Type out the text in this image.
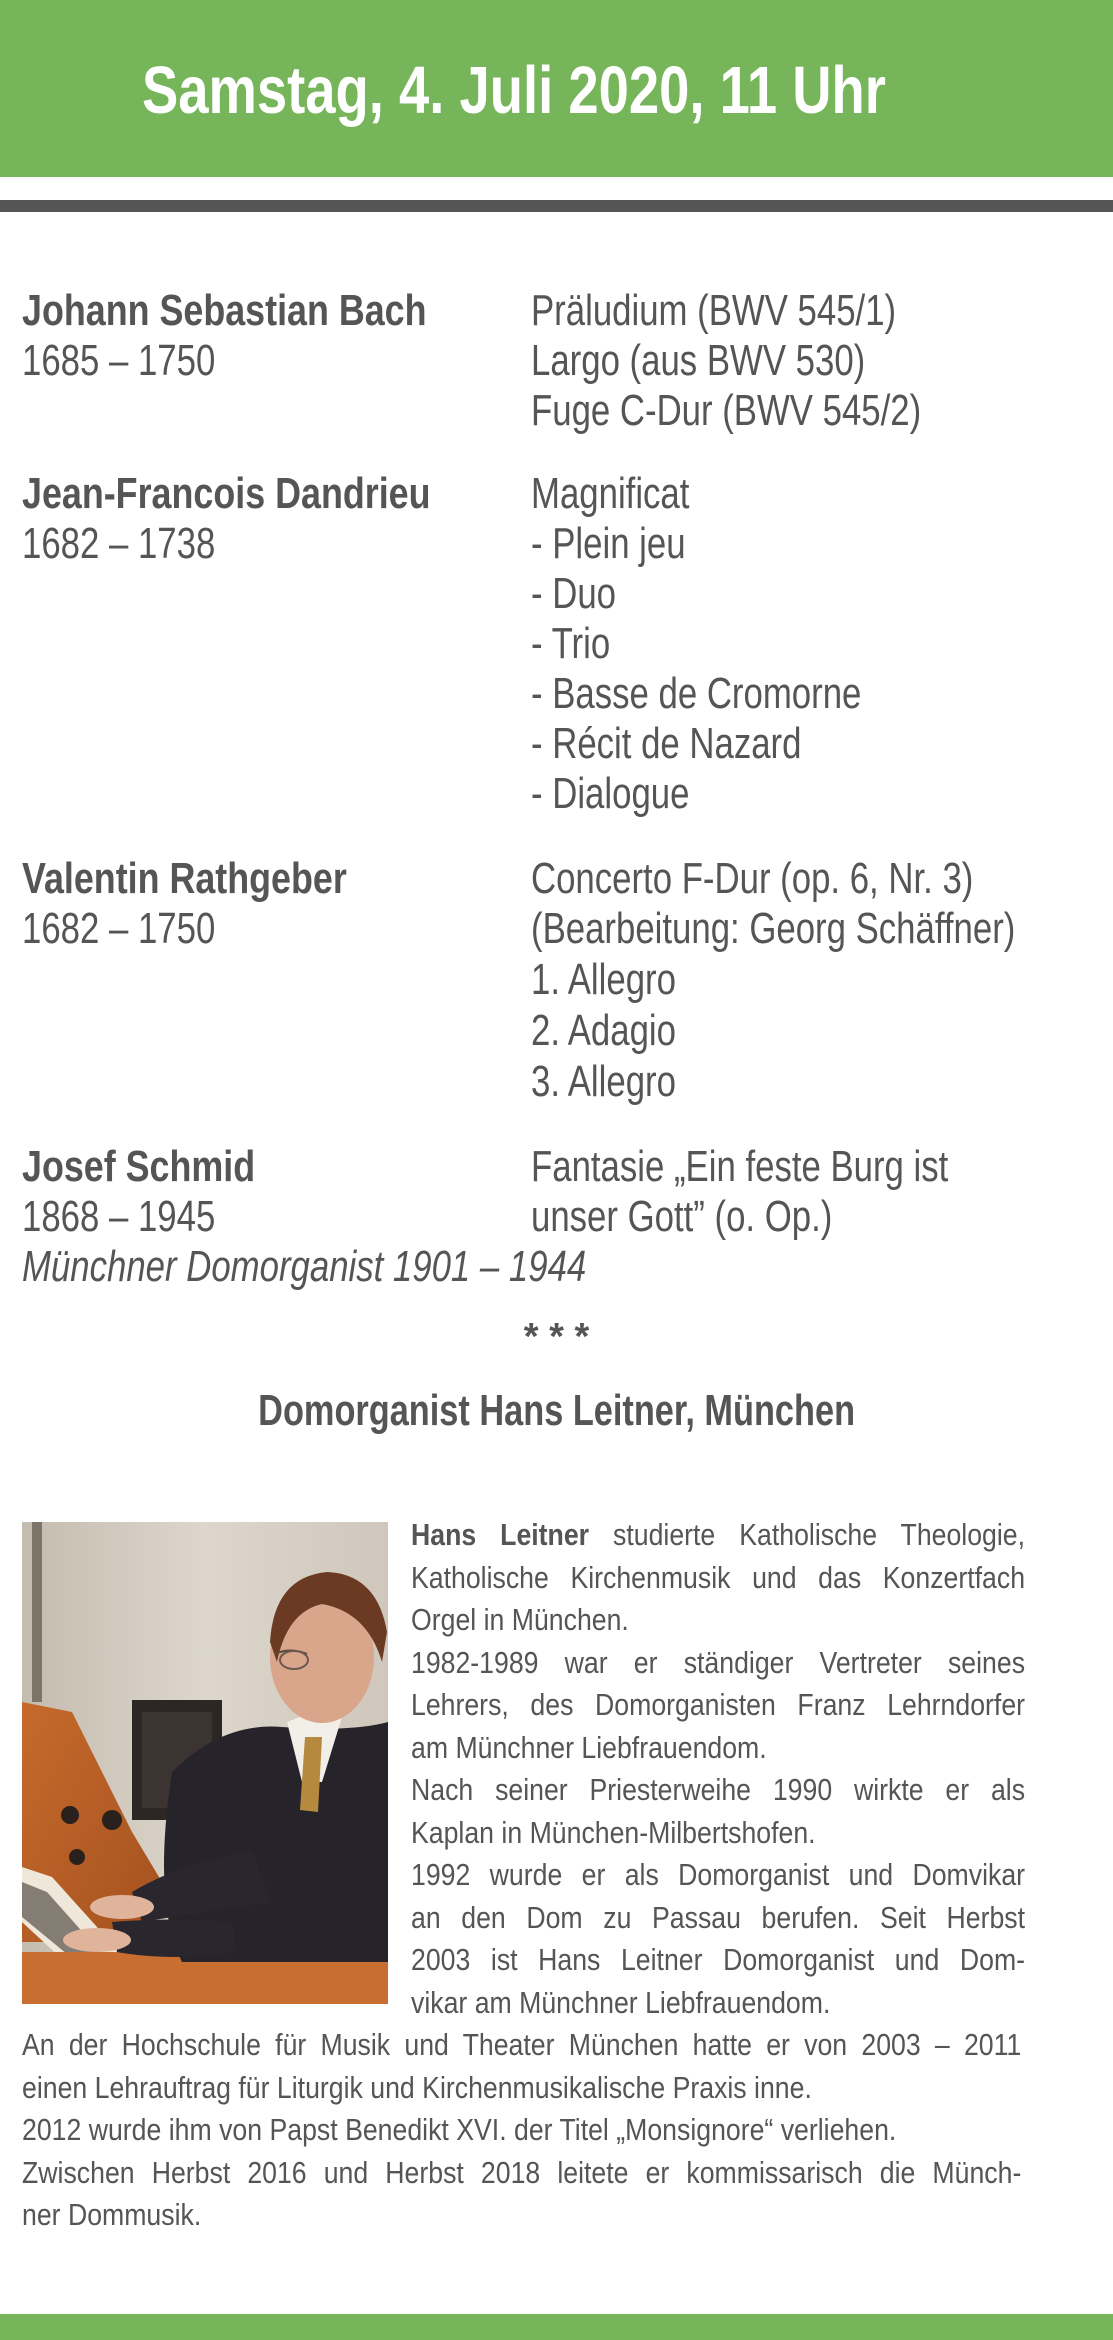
Samstag, 4. Juli 2020, 11 Uhr
Johann Sebastian Bach
1685 – 1750
Präludium (BWV 545/1)
Largo (aus BWV 530)
Fuge C-Dur (BWV 545/2)
Jean-Francois Dandrieu
1682 – 1738
Magnificat
- Plein jeu
- Duo
- Trio
- Basse de Cromorne
- Récit de Nazard
- Dialogue
Valentin Rathgeber
1682 – 1750
Concerto F-Dur (op. 6, Nr. 3)
(Bearbeitung: Georg Schäffner)
1. Allegro
2. Adagio
3. Allegro
Josef Schmid
1868 – 1945
Münchner Domorganist 1901 – 1944
Fantasie „Ein feste Burg ist
unser Gott” (o. Op.)
* * *
Domorganist Hans Leitner, München
Hans Leitner studierte Katholische Theologie,
Katholische Kirchenmusik und das Konzertfach
Orgel in München.
1982-1989 war er ständiger Vertreter seines
Lehrers, des Domorganisten Franz Lehrndorfer
am Münchner Liebfrauendom.
Nach seiner Priesterweihe 1990 wirkte er als
Kaplan in München-Milbertshofen.
1992 wurde er als Domorganist und Domvikar
an den Dom zu Passau berufen. Seit Herbst
2003 ist Hans Leitner Domorganist und Dom-
vikar am Münchner Liebfrauendom.
An der Hochschule für Musik und Theater München hatte er von 2003 – 2011
einen Lehrauftrag für Liturgik und Kirchenmusikalische Praxis inne.
2012 wurde ihm von Papst Benedikt XVI. der Titel „Monsignore“ verliehen.
Zwischen Herbst 2016 und Herbst 2018 leitete er kommissarisch die Münch-
ner Dommusik.
